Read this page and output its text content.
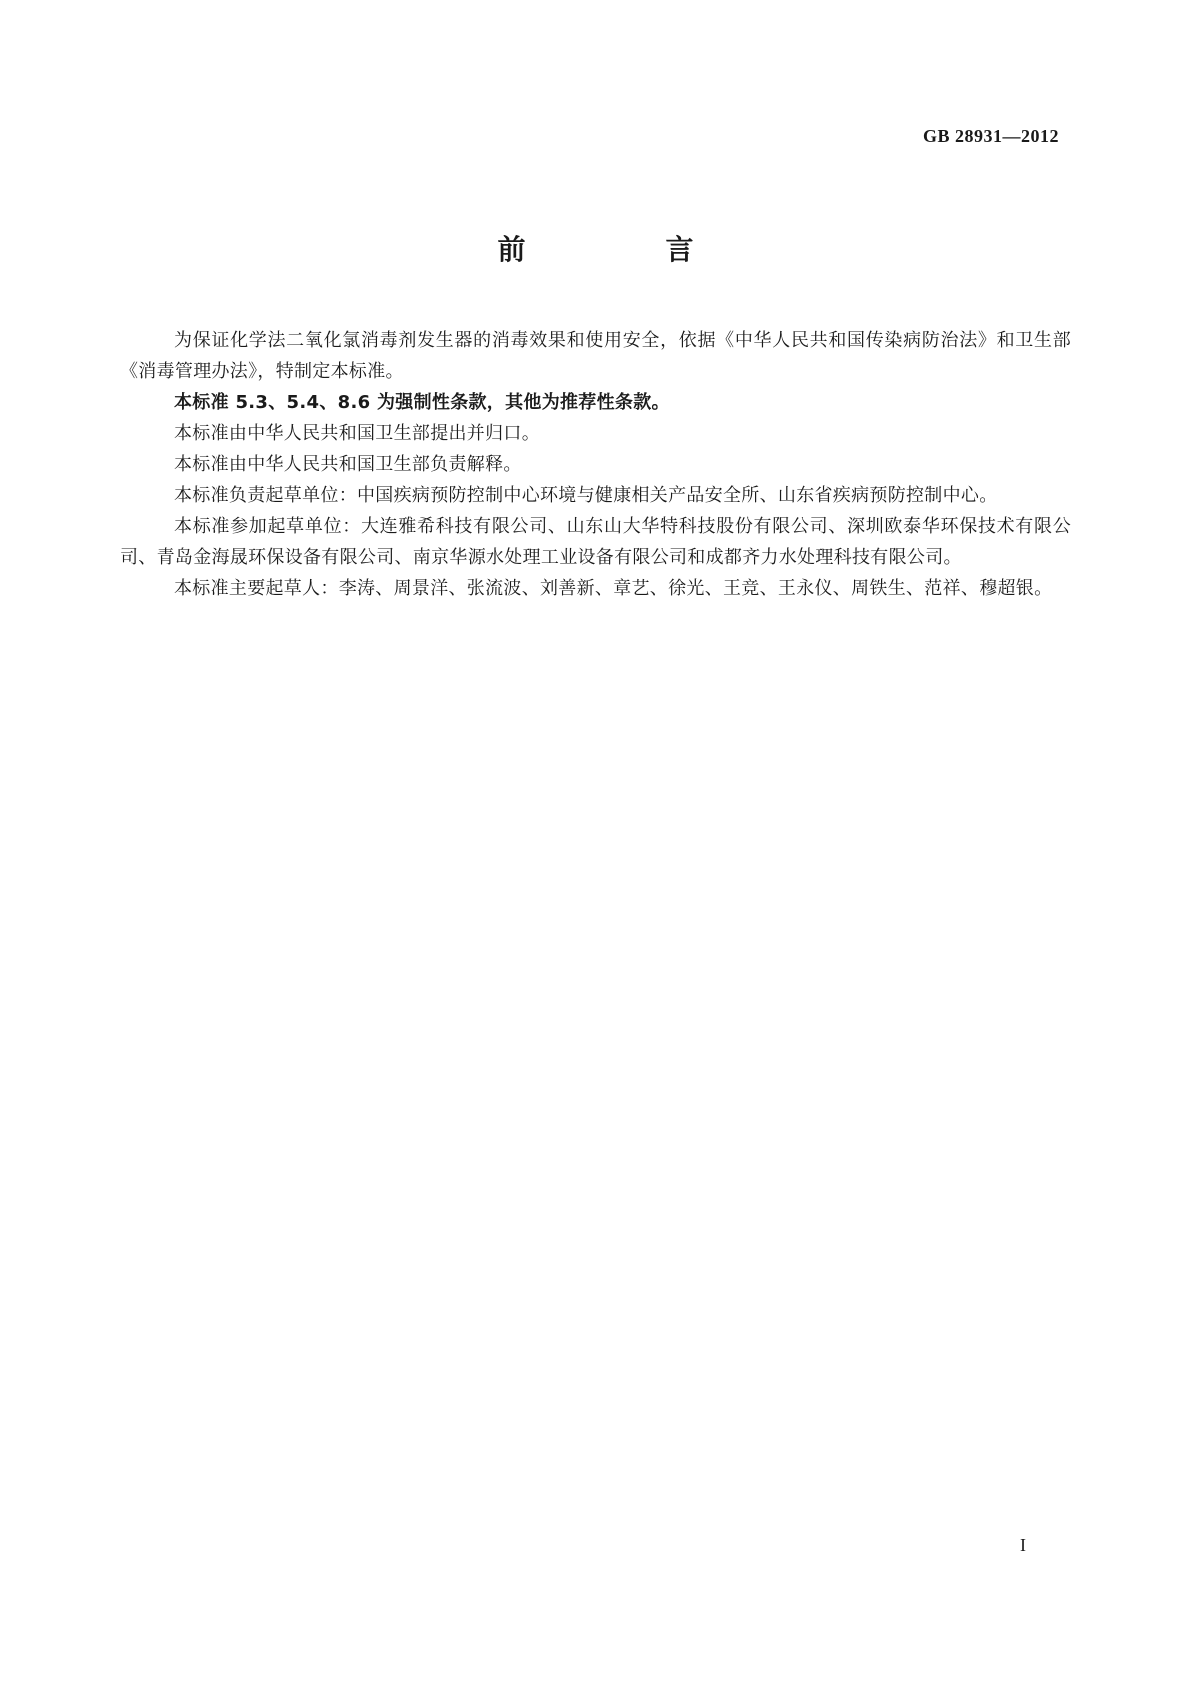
GB 28931—2012
前　言

为保证化学法二氧化氯消毒剂发生器的消毒效果和使用安全，依据《中华人民共和国传染病防治法》和卫生部《消毒管理办法》，特制定本标准。

本标准 5.3、5.4、8.6 为强制性条款，其他为推荐性条款。

本标准由中华人民共和国卫生部提出并归口。

本标准由中华人民共和国卫生部负责解释。

本标准负责起草单位：中国疾病预防控制中心环境与健康相关产品安全所、山东省疾病预防控制中心。

本标准参加起草单位：大连雅希科技有限公司、山东山大华特科技股份有限公司、深圳欧泰华环保技术有限公司、青岛金海晟环保设备有限公司、南京华源水处理工业设备有限公司和成都齐力水处理科技有限公司。

本标准主要起草人：李涛、周景洋、张流波、刘善新、章艺、徐光、王竞、王永仪、周铁生、范祥、穆超银。

I
